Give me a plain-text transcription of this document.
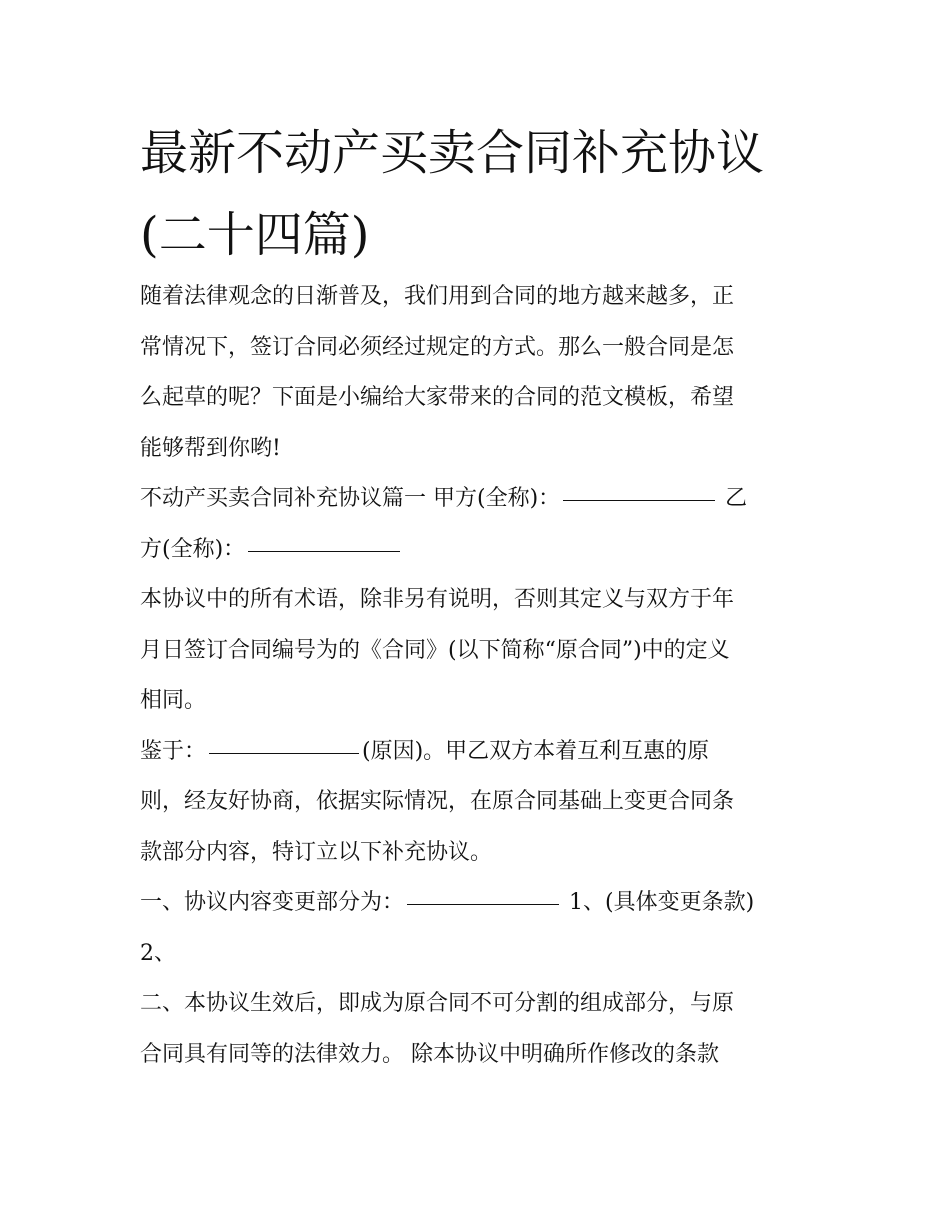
最新不动产买卖合同补充协议
(二十四篇)
随着法律观念的日渐普及，我们用到合同的地方越来越多，正
常情况下，签订合同必须经过规定的方式。那么一般合同是怎
么起草的呢？下面是小编给大家带来的合同的范文模板，希望
能够帮到你哟!
不动产买卖合同补充协议篇一 甲方(全称)：	乙
方(全称)：
本协议中的所有术语，除非另有说明，否则其定义与双方于年
月日签订合同编号为的《合同》(以下简称“原合同”)中的定义
相同。
鉴于：	(原因)。甲乙双方本着互利互惠的原
则，经友好协商，依据实际情况，在原合同基础上变更合同条
款部分内容，特订立以下补充协议。
一、协议内容变更部分为：	1、(具体变更条款)
2、
二、本协议生效后，即成为原合同不可分割的组成部分，与原
合同具有同等的法律效力。 除本协议中明确所作修改的条款
